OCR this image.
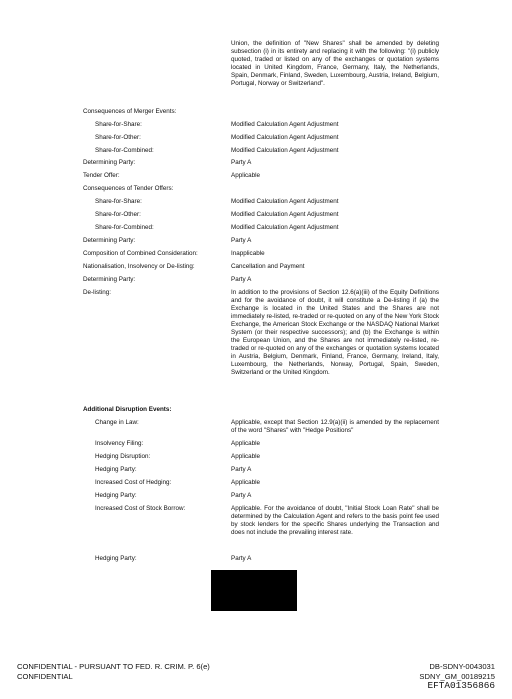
Union, the definition of "New Shares" shall be amended by deleting subsection (i) in its entirety and replacing it with the following: "(i) publicly quoted, traded or listed on any of the exchanges or quotation systems located in United Kingdom, France, Germany, Italy, the Netherlands, Spain, Denmark, Finland, Sweden, Luxembourg, Austria, Ireland, Belgium, Portugal, Norway or Switzerland".
Consequences of Merger Events:
Share-for-Share:	Modified Calculation Agent Adjustment
Share-for-Other:	Modified Calculation Agent Adjustment
Share-for-Combined:	Modified Calculation Agent Adjustment
Determining Party:	Party A
Tender Offer:	Applicable
Consequences of Tender Offers:
Share-for-Share:	Modified Calculation Agent Adjustment
Share-for-Other:	Modified Calculation Agent Adjustment
Share-for-Combined:	Modified Calculation Agent Adjustment
Determining Party:	Party A
Composition of Combined Consideration:	Inapplicable
Nationalisation, Insolvency or De-listing:	Cancellation and Payment
Determining Party:	Party A
De-listing:	In addition to the provisions of Section 12.6(a)(iii) of the Equity Definitions and for the avoidance of doubt, it will constitute a De-listing if (a) the Exchange is located in the United States and the Shares are not immediately re-listed, re-traded or re-quoted on any of the New York Stock Exchange, the American Stock Exchange or the NASDAQ National Market System (or their respective successors); and (b) the Exchange is within the European Union, and the Shares are not immediately re-listed, re-traded or re-quoted on any of the exchanges or quotation systems located in Austria, Belgium, Denmark, Finland, France, Germany, Ireland, Italy, Luxembourg, the Netherlands, Norway, Portugal, Spain, Sweden, Switzerland or the United Kingdom.
Additional Disruption Events:
Change in Law:	Applicable, except that Section 12.9(a)(ii) is amended by the replacement of the word "Shares" with "Hedge Positions"
Insolvency Filing:	Applicable
Hedging Disruption:	Applicable
Hedging Party:	Party A
Increased Cost of Hedging:	Applicable
Hedging Party:	Party A
Increased Cost of Stock Borrow:	Applicable. For the avoidance of doubt, "Initial Stock Loan Rate" shall be determined by the Calculation Agent and refers to the basis point fee used by stock lenders for the specific Shares underlying the Transaction and does not include the prevailing interest rate.
Hedging Party:	Party A
CONFIDENTIAL - PURSUANT TO FED. R. CRIM. P. 6(e)
CONFIDENTIAL
DB-SDNY-0043031
SDNY_GM_00189215
EFTA01356866
